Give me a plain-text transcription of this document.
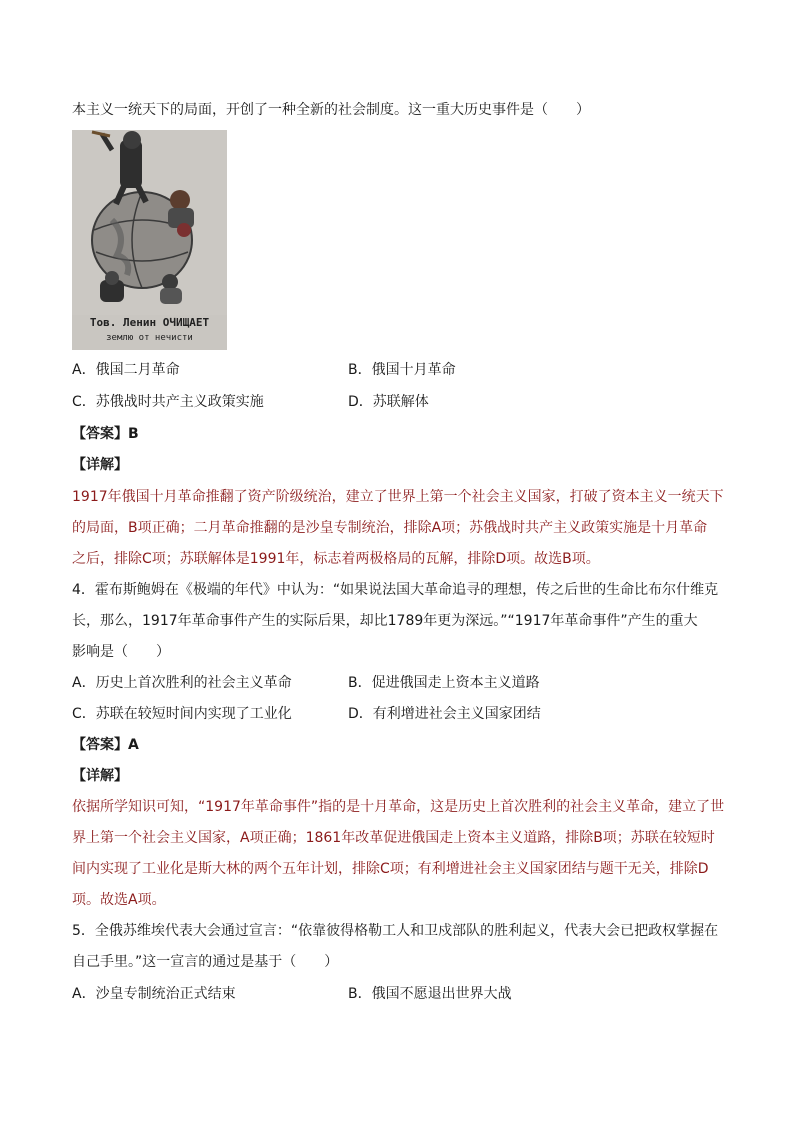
本主义一统天下的局面，开创了一种全新的社会制度。这一重大历史事件是（　　）
Тов. Ленин ОЧИЩАЕТ
землю от нечисти
A．俄国二月革命	B．俄国十月革命
C．苏俄战时共产主义政策实施	D．苏联解体
【答案】B
【详解】
1917年俄国十月革命推翻了资产阶级统治，建立了世界上第一个社会主义国家，打破了资本主义一统天下
的局面，B项正确；二月革命推翻的是沙皇专制统治，排除A项；苏俄战时共产主义政策实施是十月革命
之后，排除C项；苏联解体是1991年，标志着两极格局的瓦解，排除D项。故选B项。
4．霍布斯鲍姆在《极端的年代》中认为：“如果说法国大革命追寻的理想，传之后世的生命比布尔什维克
长，那么，1917年革命事件产生的实际后果，却比1789年更为深远。”“1917年革命事件”产生的重大
影响是（　　）
A．历史上首次胜利的社会主义革命	B．促进俄国走上资本主义道路
C．苏联在较短时间内实现了工业化	D．有利增进社会主义国家团结
【答案】A
【详解】
依据所学知识可知，“1917年革命事件”指的是十月革命，这是历史上首次胜利的社会主义革命，建立了世
界上第一个社会主义国家，A项正确；1861年改革促进俄国走上资本主义道路，排除B项；苏联在较短时
间内实现了工业化是斯大林的两个五年计划，排除C项；有利增进社会主义国家团结与题干无关，排除D
项。故选A项。
5．全俄苏维埃代表大会通过宣言：“依靠彼得格勒工人和卫戍部队的胜利起义，代表大会已把政权掌握在
自己手里。”这一宣言的通过是基于（　　）
A．沙皇专制统治正式结束	B．俄国不愿退出世界大战
